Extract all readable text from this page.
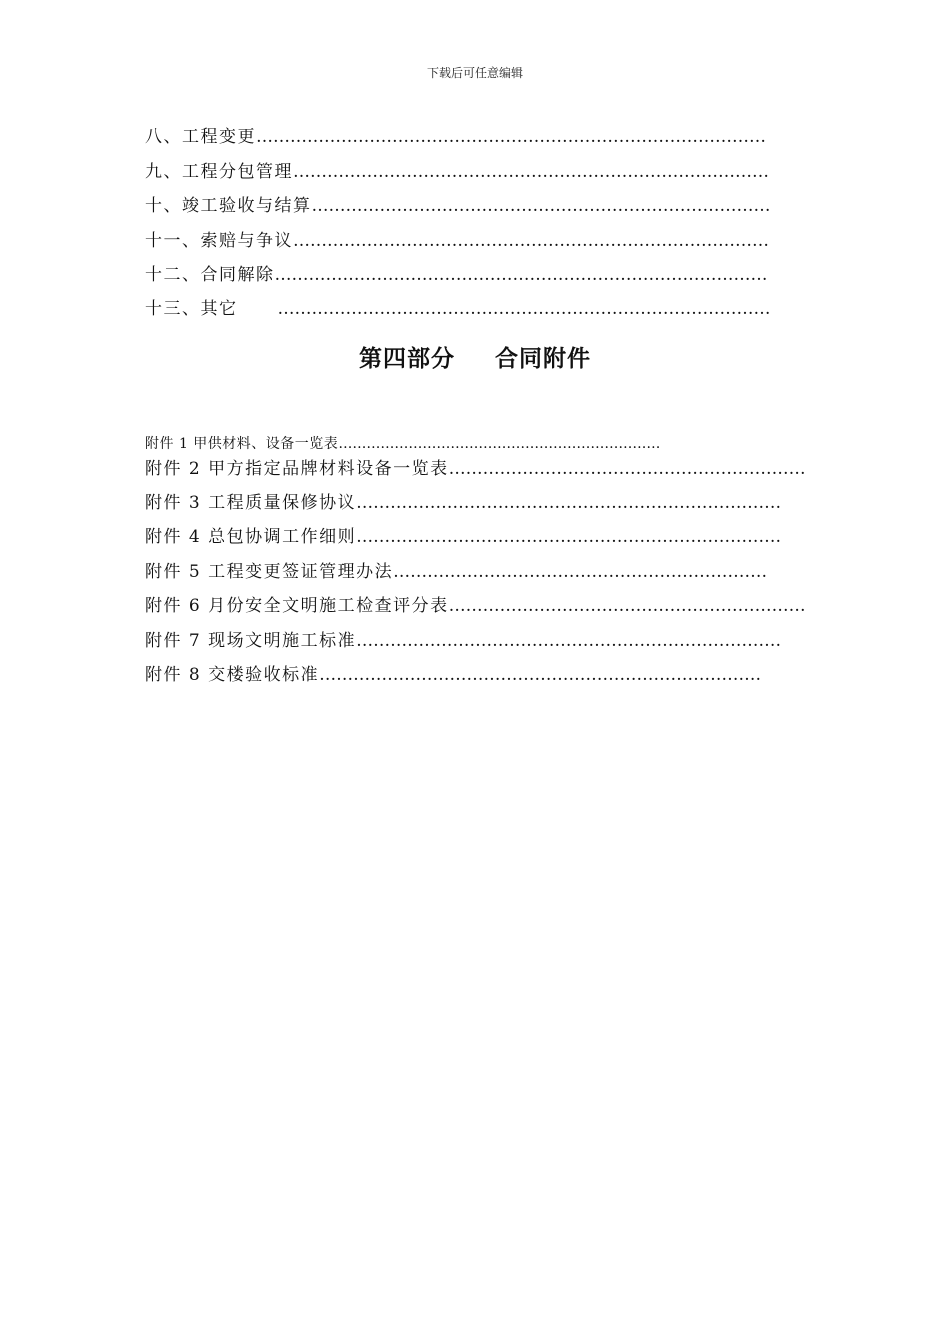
下载后可任意编辑
八、工程变更………………………………………………………………………………
九、工程分包管理…………………………………………………………………………
十、竣工验收与结算………………………………………………………………………
十一、索赔与争议…………………………………………………………………………
十二、合同解除……………………………………………………………………………
十三、其它 ……………………………………………………………………………
第四部分 合同附件
附件 1 甲供材料、设备一览表……………………………………………………………
附件 2 甲方指定品牌材料设备一览表………………………………………………………
附件 3 工程质量保修协议…………………………………………………………………
附件 4 总包协调工作细则…………………………………………………………………
附件 5 工程变更签证管理办法…………………………………………………………
附件 6 月份安全文明施工检查评分表………………………………………………………
附件 7 现场文明施工标准…………………………………………………………………
附件 8 交楼验收标准……………………………………………………………………
